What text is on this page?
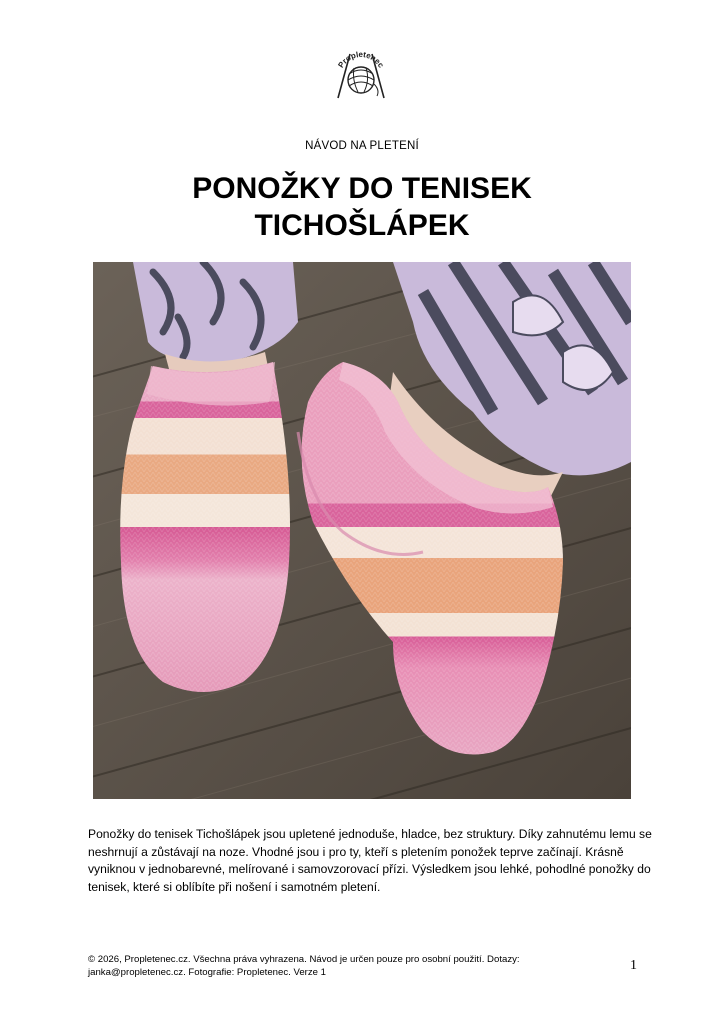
Propletenec
NÁVOD NA PLETENÍ
PONOŽKY DO TENISEK
TICHOŠLÁPEK

Ponožky do tenisek Tichošlápek jsou upletené jednoduše, hladce, bez struktury. Díky zahnutému lemu se neshrnují a zůstávají na noze. Vhodné jsou i pro ty, kteří s pletením ponožek teprve začínají. Krásně vyniknou v jednobarevné, melírované i samovzorovací přízi. Výsledkem jsou lehké, pohodlné ponožky do tenisek, které si oblíbíte při nošení i samotném pletení.

© 2026, Propletenec.cz. Všechna práva vyhrazena. Návod je určen pouze pro osobní použití. Dotazy: janka@propletenec.cz. Fotografie: Propletenec. Verze 1	1
